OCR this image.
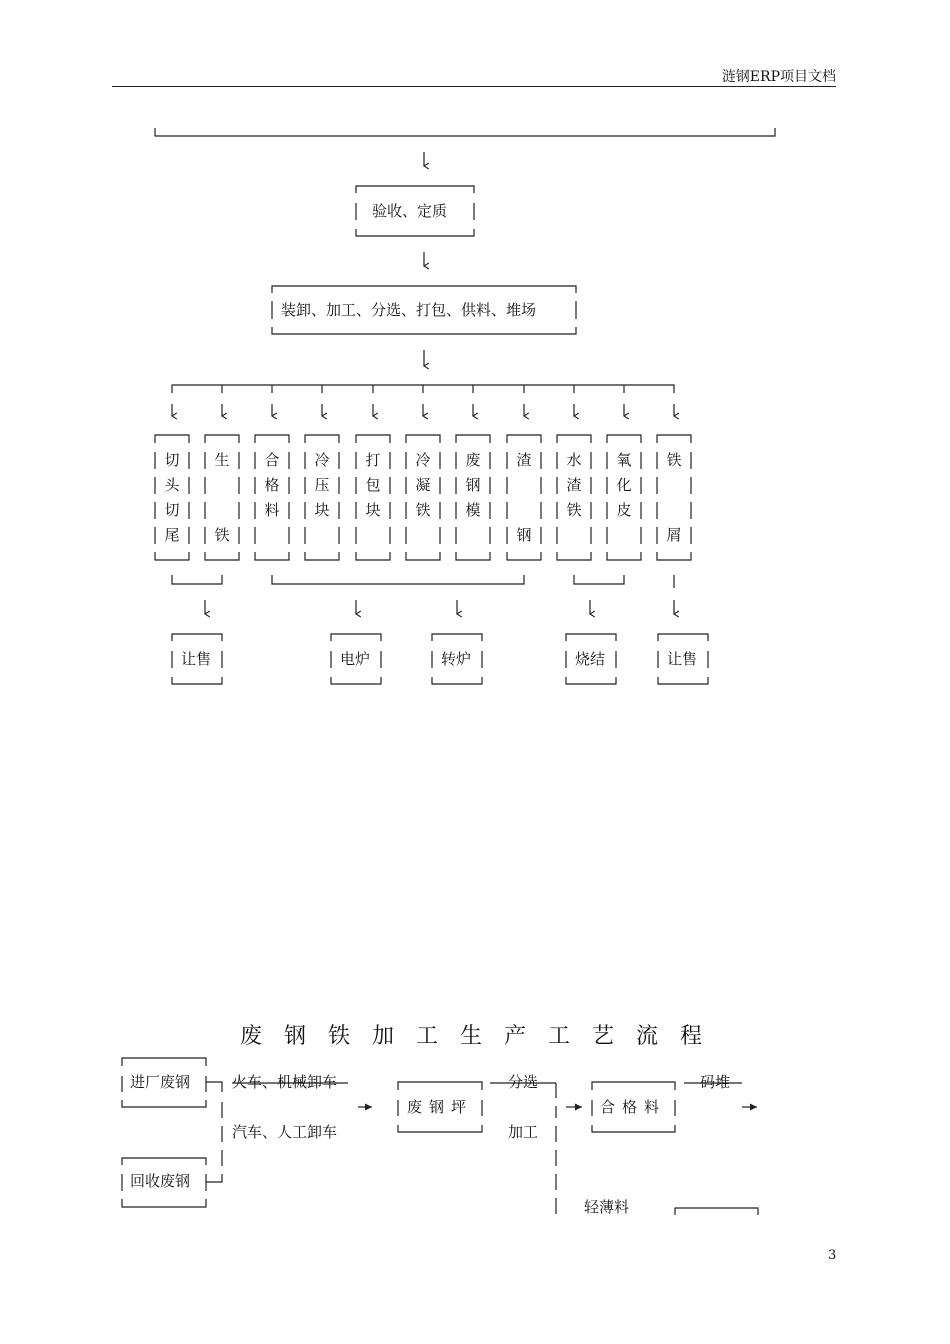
涟钢ERP项目文档
验收、定质
装卸、加工、分选、打包、供料、堆场
切头切尾
生 合格料
冷压块
打包块
冷凝铁
废钢模
渣 水渣铁
氧化皮
铁
铁	钢	屑
让售	电炉	转炉	烧结	让售
废钢铁加工生产工艺流程
进厂废钢
回收废钢
火车、机械卸车
汽车、人工卸车
废钢坪
分选
加工
合格料
码堆
轻薄料
3
